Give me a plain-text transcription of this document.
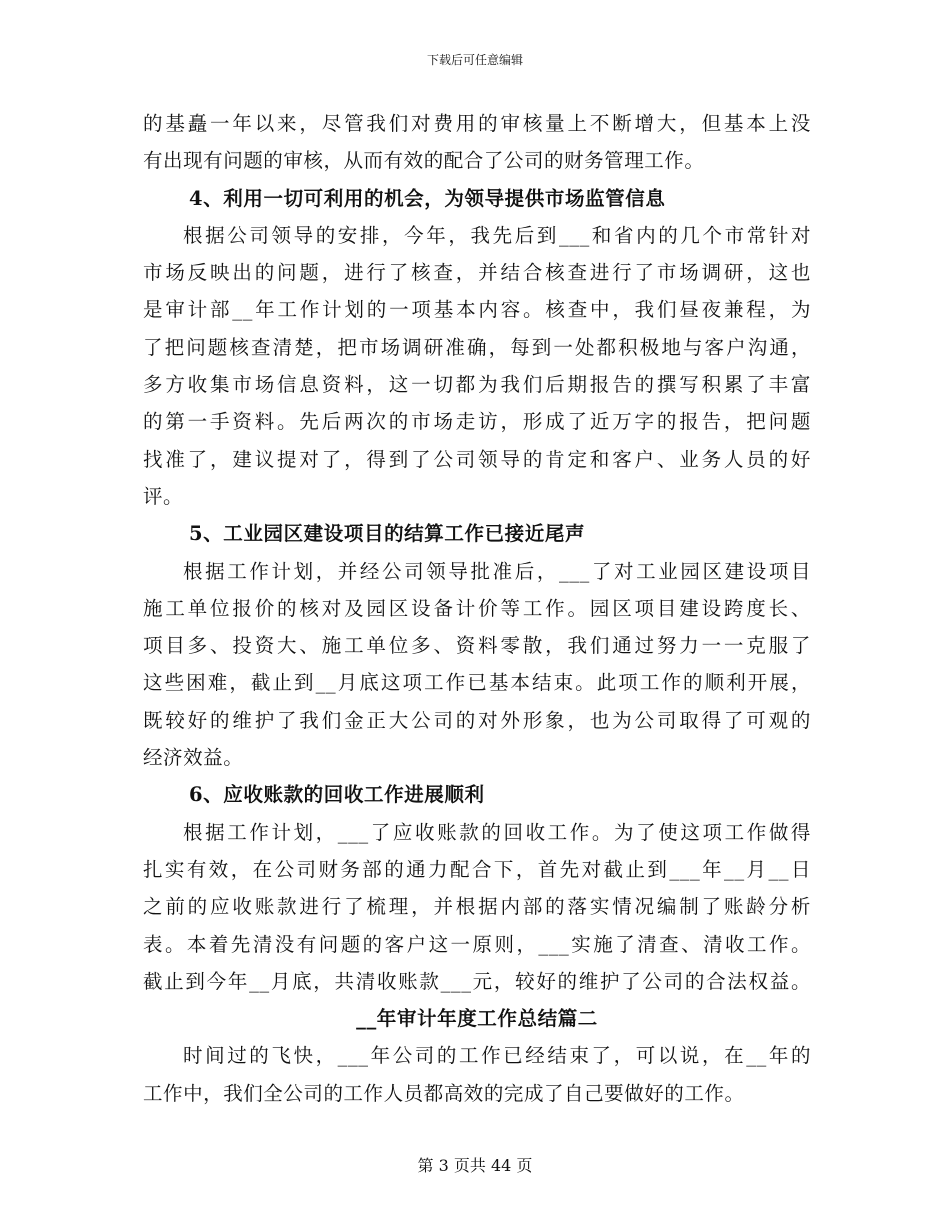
下载后可任意编辑
的基矗一年以来，尽管我们对费用的审核量上不断增大，但基本上没
有出现有问题的审核，从而有效的配合了公司的财务管理工作。
4、利用一切可利用的机会，为领导提供市场监管信息
根据公司领导的安排，今年，我先后到___和省内的几个市常针对
市场反映出的问题，进行了核查，并结合核查进行了市场调研，这也
是审计部__年工作计划的一项基本内容。核查中，我们昼夜兼程，为
了把问题核查清楚，把市场调研准确，每到一处都积极地与客户沟通，
多方收集市场信息资料，这一切都为我们后期报告的撰写积累了丰富
的第一手资料。先后两次的市场走访，形成了近万字的报告，把问题
找准了，建议提对了，得到了公司领导的肯定和客户、业务人员的好
评。
5、工业园区建设项目的结算工作已接近尾声
根据工作计划，并经公司领导批准后，___了对工业园区建设项目
施工单位报价的核对及园区设备计价等工作。园区项目建设跨度长、
项目多、投资大、施工单位多、资料零散，我们通过努力一一克服了
这些困难，截止到__月底这项工作已基本结束。此项工作的顺利开展，
既较好的维护了我们金正大公司的对外形象，也为公司取得了可观的
经济效益。
6、应收账款的回收工作进展顺利
根据工作计划，___了应收账款的回收工作。为了使这项工作做得
扎实有效，在公司财务部的通力配合下，首先对截止到___年__月__日
之前的应收账款进行了梳理，并根据内部的落实情况编制了账龄分析
表。本着先清没有问题的客户这一原则，___实施了清查、清收工作。
截止到今年__月底，共清收账款___元，较好的维护了公司的合法权益。
__年审计年度工作总结篇二
时间过的飞快，___年公司的工作已经结束了，可以说，在__年的
工作中，我们全公司的工作人员都高效的完成了自己要做好的工作。
第 3 页共 44 页
